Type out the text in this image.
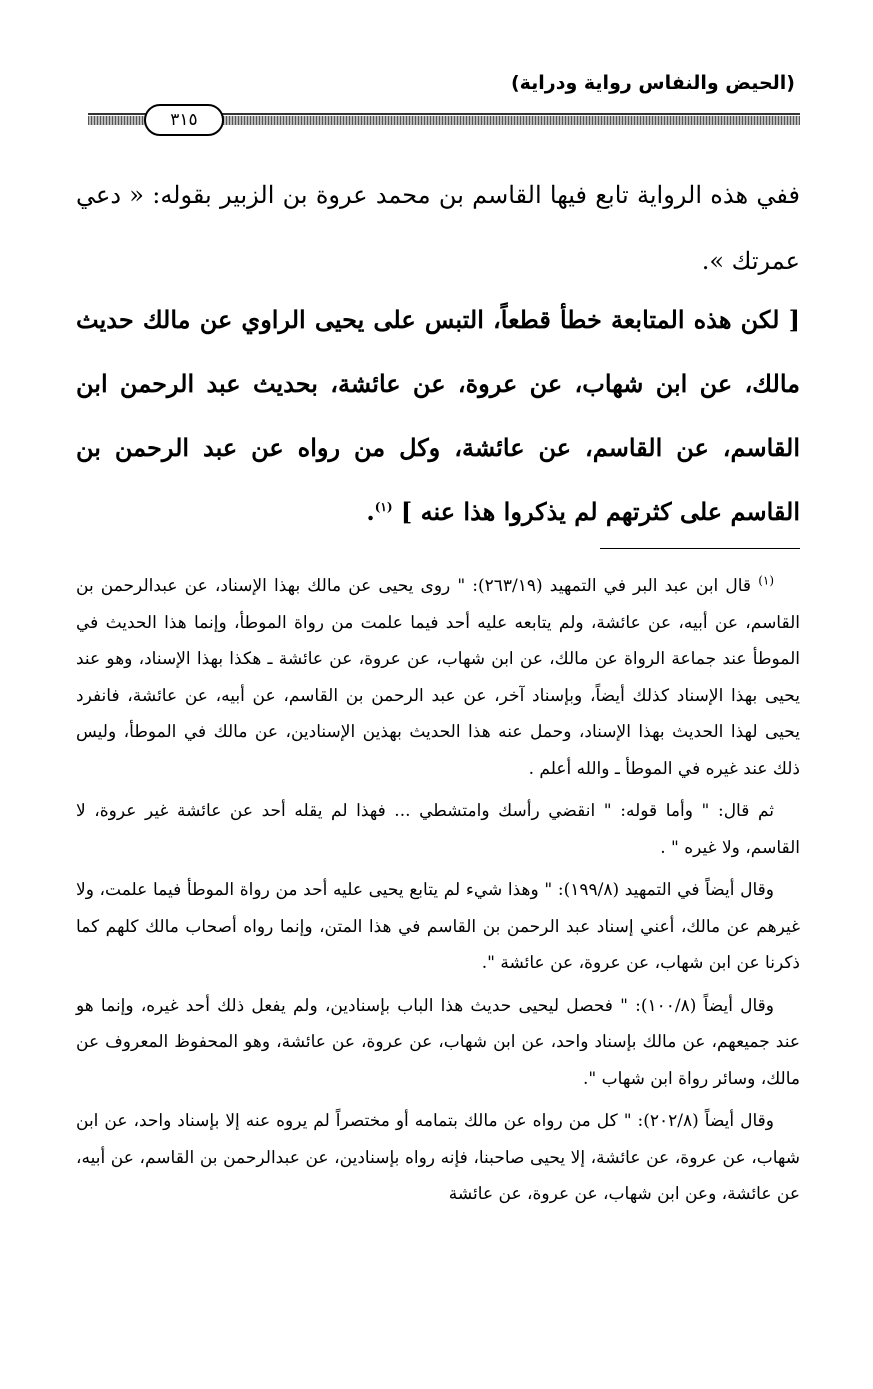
(الحيض والنفاس رواية ودراية)
٣١٥

ففي هذه الرواية تابع فيها القاسم بن محمد عروة بن الزبير بقوله: « دعي عمرتك ».

[ لكن هذه المتابعة خطأ قطعاً، التبس على يحيى الراوي عن مالك حديث مالك، عن ابن شهاب، عن عروة، عن عائشة، بحديث عبد الرحمن ابن القاسم، عن القاسم، عن عائشة، وكل من رواه عن عبد الرحمن بن القاسم على كثرتهم لم يذكروا هذا عنه ] $^{(١)}$.

$^{(١)}$ قال ابن عبد البر في التمهيد (٢٦٣/١٩): " روى يحيى عن مالك بهذا الإسناد، عن عبدالرحمن بن القاسم، عن أبيه، عن عائشة، ولم يتابعه عليه أحد فيما علمت من رواة الموطأ، وإنما هذا الحديث في الموطأ عند جماعة الرواة عن مالك، عن ابن شهاب، عن عروة، عن عائشة ـ هكذا بهذا الإسناد، وهو عند يحيى بهذا الإسناد كذلك أيضاً، وبإسناد آخر، عن عبد الرحمن بن القاسم، عن أبيه، عن عائشة، فانفرد يحيى لهذا الحديث بهذا الإسناد، وحمل عنه هذا الحديث بهذين الإسنادين، عن مالك في الموطأ، وليس ذلك عند غيره في الموطأ ـ والله أعلم .

ثم قال: " وأما قوله: " انقضي رأسك وامتشطي ... فهذا لم يقله أحد عن عائشة غير عروة، لا القاسم، ولا غيره " .

وقال أيضاً في التمهيد (١٩٩/٨): " وهذا شيء لم يتابع يحيى عليه أحد من رواة الموطأ فيما علمت، ولا غيرهم عن مالك، أعني إسناد عبد الرحمن بن القاسم في هذا المتن، وإنما رواه أصحاب مالك كلهم كما ذكرنا عن ابن شهاب، عن عروة، عن عائشة ".

وقال أيضاً (١٠٠/٨): " فحصل ليحيى حديث هذا الباب بإسنادين، ولم يفعل ذلك أحد غيره، وإنما هو عند جميعهم، عن مالك بإسناد واحد، عن ابن شهاب، عن عروة، عن عائشة، وهو المحفوظ المعروف عن مالك، وسائر رواة ابن شهاب ".

وقال أيضاً (٢٠٢/٨): " كل من رواه عن مالك بتمامه أو مختصراً لم يروه عنه إلا بإسناد واحد، عن ابن شهاب، عن عروة، عن عائشة، إلا يحيى صاحبنا، فإنه رواه بإسنادين، عن عبدالرحمن بن القاسم، عن أبيه، عن عائشة، وعن ابن شهاب، عن عروة، عن عائشة
